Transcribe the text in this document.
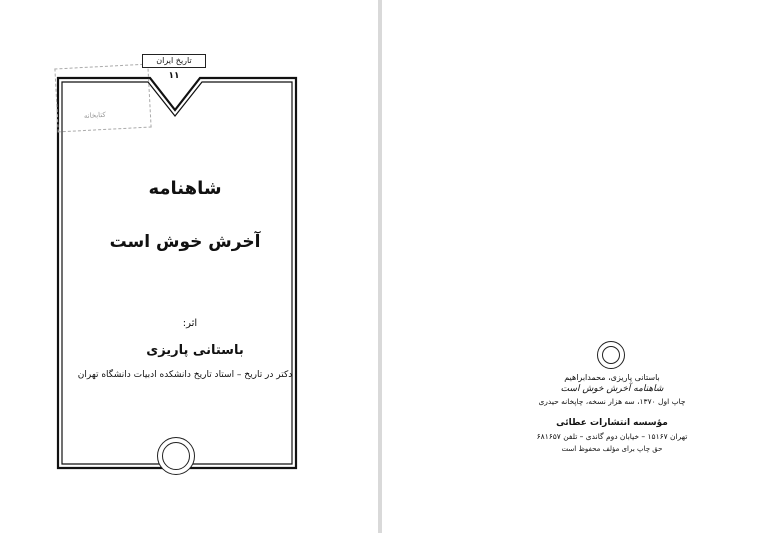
کتابخانه
تاریخ ایران
١١
شاهنامه
آخرش خوش است
اثر:
باستانی پاریزی
دکتر در تاریخ – استاد تاریخ دانشکده ادبیات دانشگاه تهران	باستانی پاریزی، محمدابراهیم
شاهنامه آخرش خوش است
چاپ اول ۱۳۷۰، سه هزار نسخه، چاپخانه حیدری
مؤسسه انتشارات عطائی
تهران ۱۵۱۶۷ – خیابان دوم گاندی – تلفن ۶۸۱۶۵۷
حق چاپ برای مؤلف محفوظ است
